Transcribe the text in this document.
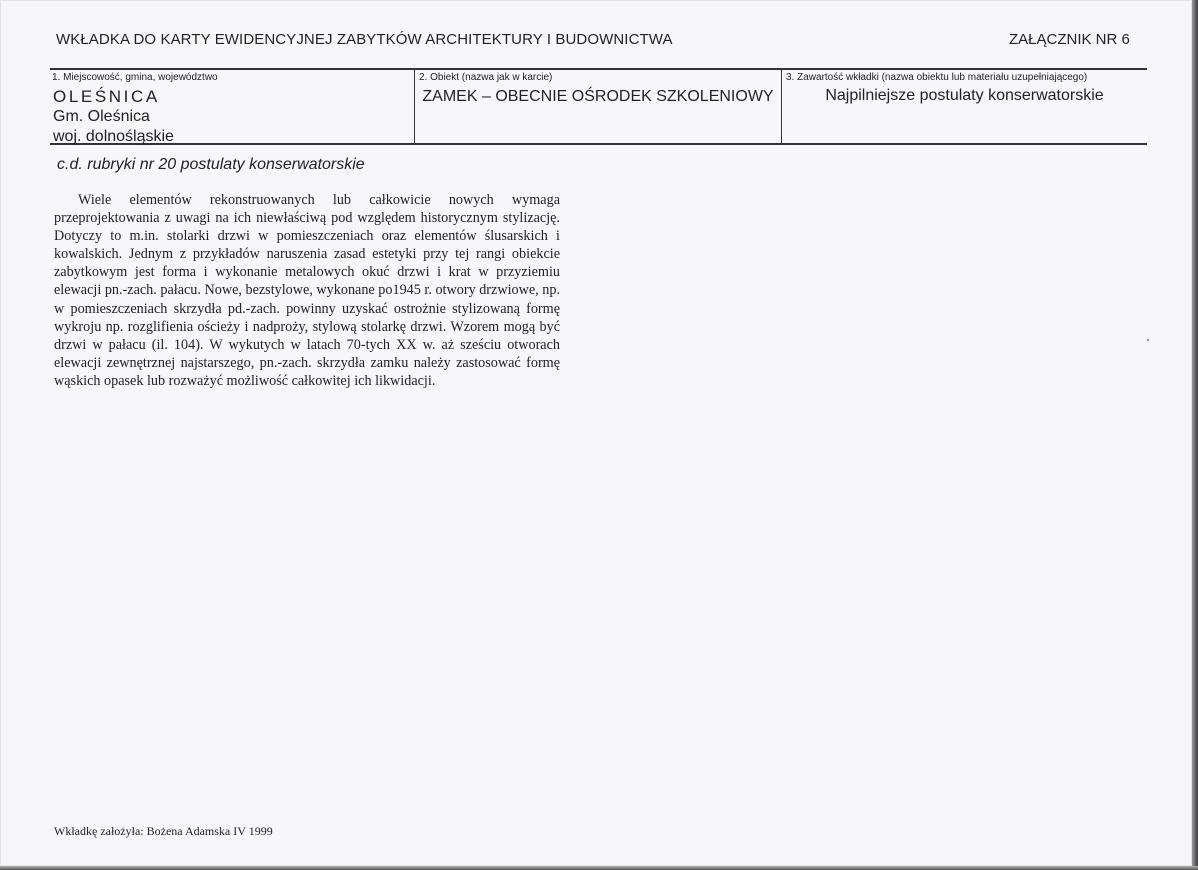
WKŁADKA DO KARTY EWIDENCYJNEJ ZABYTKÓW ARCHITEKTURY I BUDOWNICTWA	ZAŁĄCZNIK NR 6
1. Miejscowość, gmina, województwo
OLEŚNICA
Gm. Oleśnica
woj. dolnośląskie
2. Obiekt (nazwa jak w karcie)
ZAMEK – OBECNIE OŚRODEK SZKOLENIOWY
3. Zawartość wkładki (nazwa obiektu lub materiału uzupełniającego)
Najpilniejsze postulaty konserwatorskie
c.d. rubryki nr 20 postulaty konserwatorskie

Wiele elementów rekonstruowanych lub całkowicie nowych wymaga przeprojektowania z uwagi na ich niewłaściwą pod względem historycznym stylizację. Dotyczy to m.in. stolarki drzwi w pomieszczeniach oraz elementów ślusarskich i kowalskich. Jednym z przykładów naruszenia zasad estetyki przy tej rangi obiekcie zabytkowym jest forma i wykonanie metalowych okuć drzwi i krat w przyziemiu elewacji pn.-zach. pałacu. Nowe, bezstylowe, wykonane po1945 r. otwory drzwiowe, np. w pomieszczeniach skrzydła pd.-zach. powinny uzyskać ostrożnie stylizowaną formę wykroju np. rozglifienia ościeży i nadproży, stylową stolarkę drzwi. Wzorem mogą być drzwi w pałacu (il. 104). W wykutych w latach 70-tych XX w. aż sześciu otworach elewacji zewnętrznej najstarszego, pn.-zach. skrzydła zamku należy zastosować formę wąskich opasek lub rozważyć możliwość całkowitej ich likwidacji.

Wkładkę założyła: Bożena Adamska IV 1999
